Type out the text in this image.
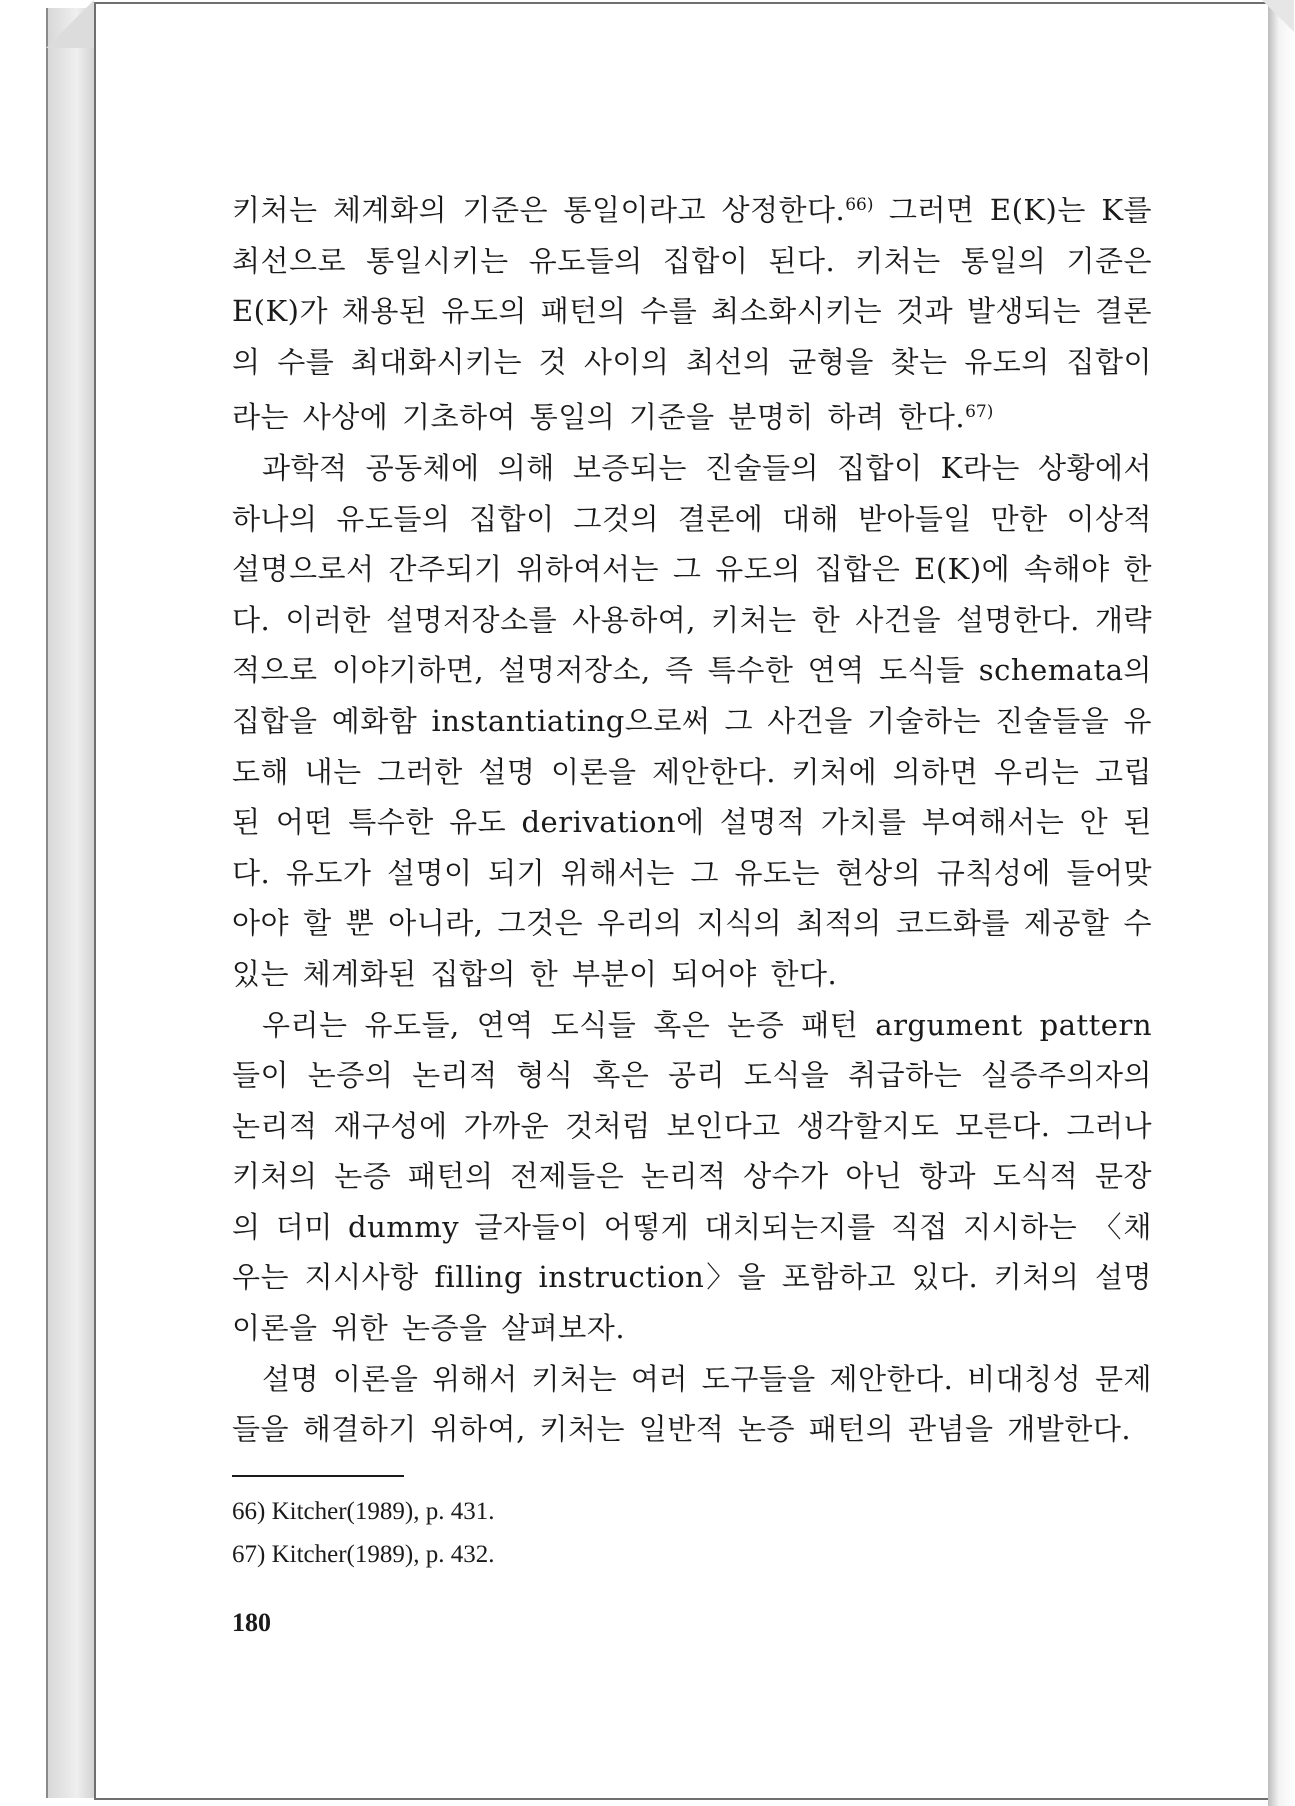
키처는 체계화의 기준은 통일이라고 상정한다.$^{66)}$ 그러면 E(K)는 K를 최선으로 통일시키는 유도들의 집합이 된다. 키처는 통일의 기준은 E(K)가 채용된 유도의 패턴의 수를 최소화시키는 것과 발생되는 결론의 수를 최대화시키는 것 사이의 최선의 균형을 찾는 유도의 집합이라는 사상에 기초하여 통일의 기준을 분명히 하려 한다.$^{67)}$

과학적 공동체에 의해 보증되는 진술들의 집합이 K라는 상황에서 하나의 유도들의 집합이 그것의 결론에 대해 받아들일 만한 이상적 설명으로서 간주되기 위하여서는 그 유도의 집합은 E(K)에 속해야 한다. 이러한 설명저장소를 사용하여, 키처는 한 사건을 설명한다. 개략적으로 이야기하면, 설명저장소, 즉 특수한 연역 도식들 schemata의 집합을 예화함 instantiating으로써 그 사건을 기술하는 진술들을 유도해 내는 그러한 설명 이론을 제안한다. 키처에 의하면 우리는 고립된 어떤 특수한 유도 derivation에 설명적 가치를 부여해서는 안 된다. 유도가 설명이 되기 위해서는 그 유도는 현상의 규칙성에 들어맞아야 할 뿐 아니라, 그것은 우리의 지식의 최적의 코드화를 제공할 수 있는 체계화된 집합의 한 부분이 되어야 한다.

우리는 유도들, 연역 도식들 혹은 논증 패턴 argument pattern들이 논증의 논리적 형식 혹은 공리 도식을 취급하는 실증주의자의 논리적 재구성에 가까운 것처럼 보인다고 생각할지도 모른다. 그러나 키처의 논증 패턴의 전제들은 논리적 상수가 아닌 항과 도식적 문장의 더미 dummy 글자들이 어떻게 대치되는지를 직접 지시하는 〈채우는 지시사항 filling instruction〉을 포함하고 있다. 키처의 설명 이론을 위한 논증을 살펴보자.

설명 이론을 위해서 키처는 여러 도구들을 제안한다. 비대칭성 문제들을 해결하기 위하여, 키처는 일반적 논증 패턴의 관념을 개발한다.

66) Kitcher(1989), p. 431.

67) Kitcher(1989), p. 432.

180
